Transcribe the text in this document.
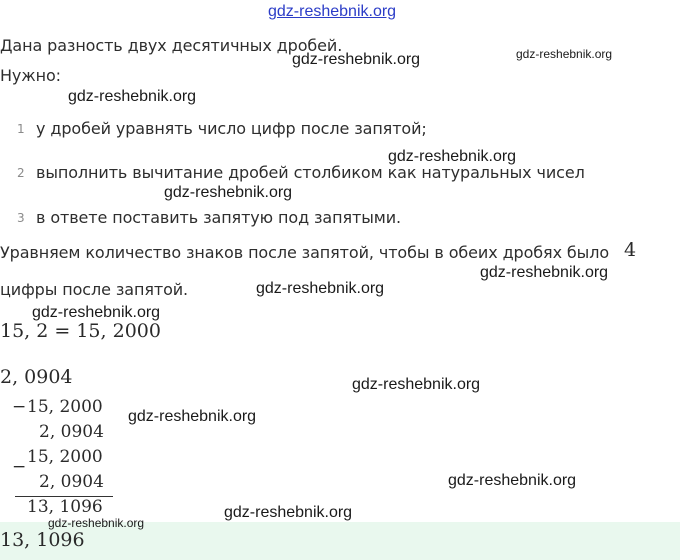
gdz-reshebnik.org
Дана разность двух десятичных дробей.
Нужно:
1 у дробей уравнять число цифр после запятой;
2 выполнить вычитание дробей столбиком как натуральных чисел
3 в ответе поставить запятую под запятыми.
Уравняем количество знаков после запятой, чтобы в обеих дробях было 4
цифры после запятой.
15, 2 = 15, 2000
2, 0904
− 15, 2000
2, 0904
− 15, 2000
2, 0904
13, 1096
13, 1096
gdz-reshebnik.org	gdz-reshebnik.org
gdz-reshebnik.org
gdz-reshebnik.org
gdz-reshebnik.org
gdz-reshebnik.org
gdz-reshebnik.org
gdz-reshebnik.org
gdz-reshebnik.org
gdz-reshebnik.org
gdz-reshebnik.org
gdz-reshebnik.org
gdz-reshebnik.org
